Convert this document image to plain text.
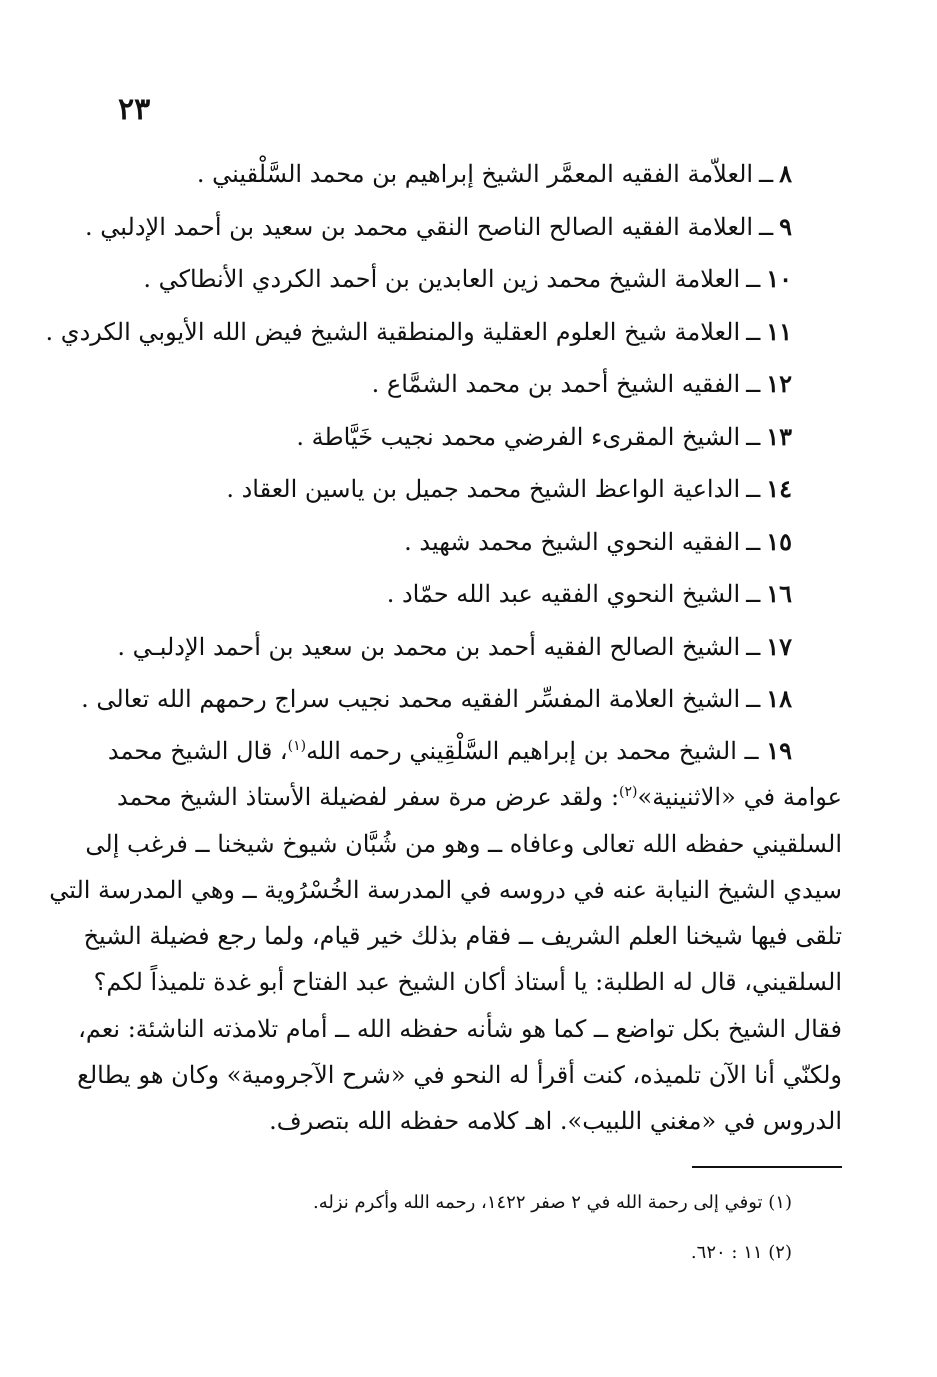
٢٣
٨ــالعلاّمة الفقيه المعمَّر الشيخ إبراهيم بن محمد السَّلْقيني .
٩ــالعلامة الفقيه الصالح الناصح النقي محمد بن سعيد بن أحمد الإدلبي .
١٠ــالعلامة الشيخ محمد زين العابدين بن أحمد الكردي الأنطاكي .
١١ــالعلامة شيخ العلوم العقلية والمنطقية الشيخ فيض الله الأيوبي الكردي .
١٢ــالفقيه الشيخ أحمد بن محمد الشمَّاع .
١٣ــالشيخ المقرىء الفرضي محمد نجيب خَيَّاطة .
١٤ــالداعية الواعظ الشيخ محمد جميل بن ياسين العقاد .
١٥ــالفقيه النحوي الشيخ محمد شهيد .
١٦ــالشيخ النحوي الفقيه عبد الله حمّاد .
١٧ــالشيخ الصالح الفقيه أحمد بن محمد بن سعيد بن أحمد الإدلبـي .
١٨ــالشيخ العلامة المفسِّر الفقيه محمد نجيب سراج رحمهم الله تعالى .
١٩ ــ الشيخ محمد بن إبراهيم السَّلْقِيني رحمه الله$^{(١)}$، قال الشيخ محمد
عوامة في «الاثنينية»$^{(٢)}$: ولقد عرض مرة سفر لفضيلة الأستاذ الشيخ محمد
السلقيني حفظه الله تعالى وعافاه ــ وهو من شُبَّان شيوخ شيخنا ــ فرغب إلى
سيدي الشيخ النيابة عنه في دروسه في المدرسة الخُسْرُوية ــ وهي المدرسة التي
تلقى فيها شيخنا العلم الشريف ــ فقام بذلك خير قيام، ولما رجع فضيلة الشيخ
السلقيني، قال له الطلبة: يا أستاذ أكان الشيخ عبد الفتاح أبو غدة تلميذاً لكم؟
فقال الشيخ بكل تواضع ــ كما هو شأنه حفظه الله ــ أمام تلامذته الناشئة: نعم،
ولكنّي أنا الآن تلميذه، كنت أقرأ له النحو في «شرح الآجرومية» وكان هو يطالع
الدروس في «مغني اللبيب». اهـ كلامه حفظه الله بتصرف.
(١) توفي إلى رحمة الله في ٢ صفر ١٤٢٢، رحمه الله وأكرم نزله.
(٢) ١١ : ٦٢٠.
